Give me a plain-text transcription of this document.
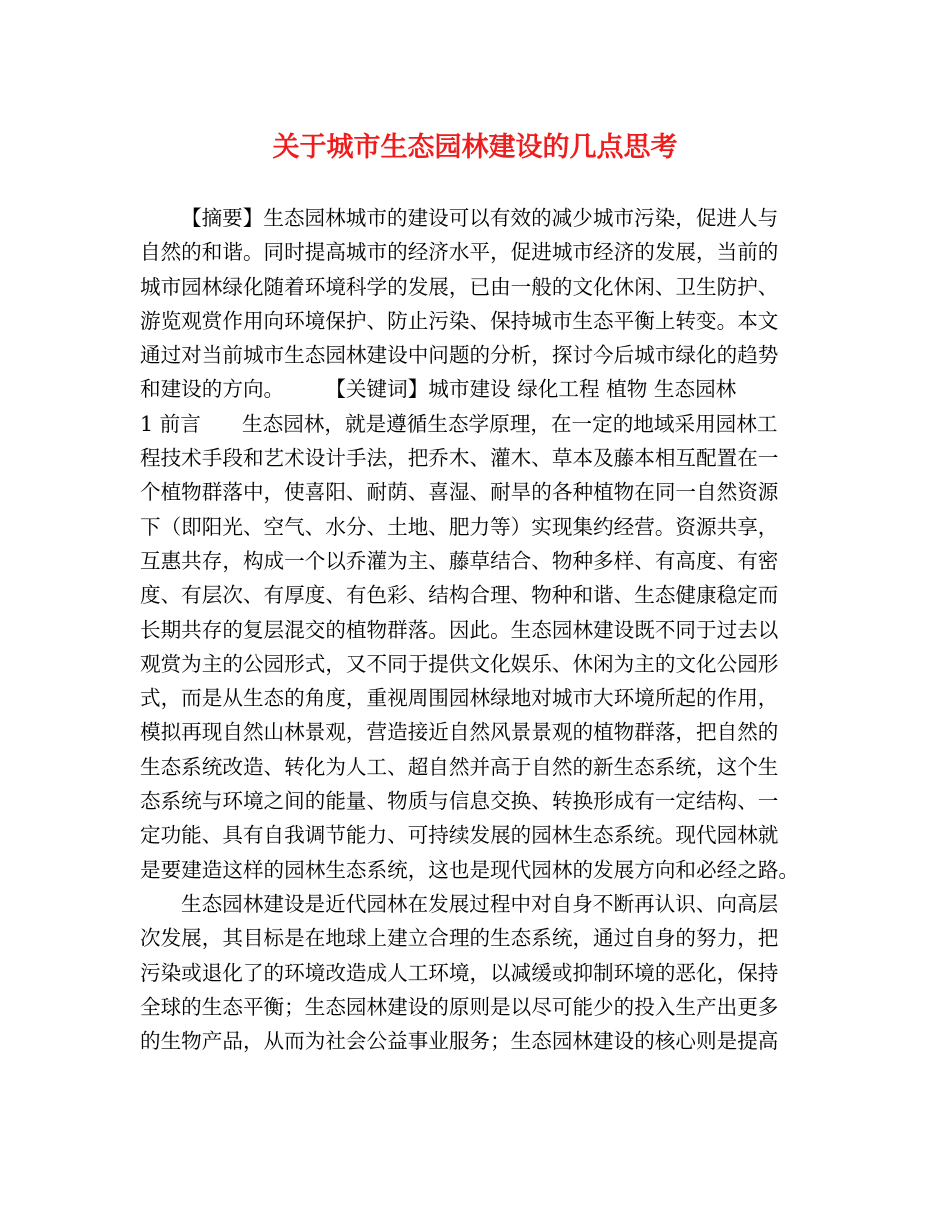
关于城市生态园林建设的几点思考
【摘要】生态园林城市的建设可以有效的减少城市污染，促进人与
自然的和谐。同时提高城市的经济水平，促进城市经济的发展，当前的
城市园林绿化随着环境科学的发展，已由一般的文化休闲、卫生防护、
游览观赏作用向环境保护、防止污染、保持城市生态平衡上转变。本文
通过对当前城市生态园林建设中问题的分析，探讨今后城市绿化的趋势
和建设的方向。　　　【关键词】城市建设 绿化工程 植物 生态园林
1 前言　　生态园林，就是遵循生态学原理，在一定的地域采用园林工
程技术手段和艺术设计手法，把乔木、灌木、草本及藤本相互配置在一
个植物群落中，使喜阳、耐荫、喜湿、耐旱的各种植物在同一自然资源
下（即阳光、空气、水分、土地、肥力等）实现集约经营。资源共享，
互惠共存，构成一个以乔灌为主、藤草结合、物种多样、有高度、有密
度、有层次、有厚度、有色彩、结构合理、物种和谐、生态健康稳定而
长期共存的复层混交的植物群落。因此。生态园林建设既不同于过去以
观赏为主的公园形式，又不同于提供文化娱乐、休闲为主的文化公园形
式，而是从生态的角度，重视周围园林绿地对城市大环境所起的作用，
模拟再现自然山林景观，营造接近自然风景景观的植物群落，把自然的
生态系统改造、转化为人工、超自然并高于自然的新生态系统，这个生
态系统与环境之间的能量、物质与信息交换、转换形成有一定结构、一
定功能、具有自我调节能力、可持续发展的园林生态系统。现代园林就
是要建造这样的园林生态系统，这也是现代园林的发展方向和必经之路。
生态园林建设是近代园林在发展过程中对自身不断再认识、向高层
次发展，其目标是在地球上建立合理的生态系统，通过自身的努力，把
污染或退化了的环境改造成人工环境，以减缓或抑制环境的恶化，保持
全球的生态平衡；生态园林建设的原则是以尽可能少的投入生产出更多
的生物产品，从而为社会公益事业服务；生态园林建设的核心则是提高
